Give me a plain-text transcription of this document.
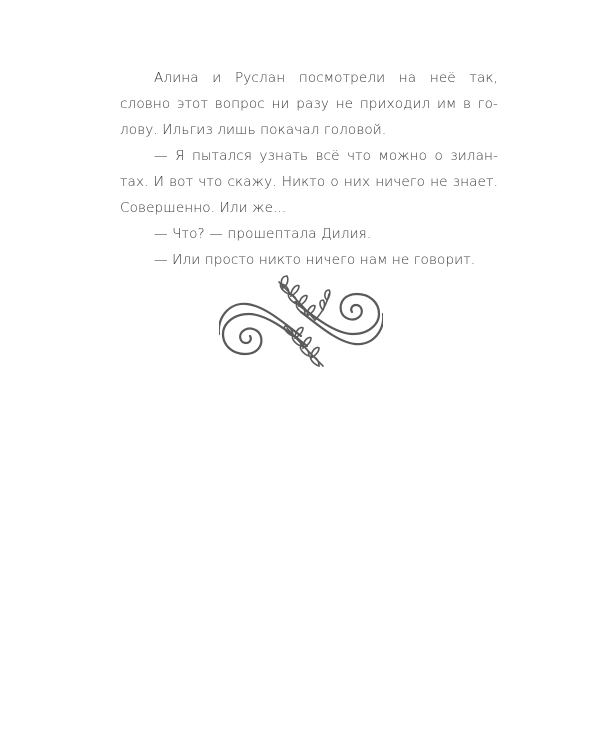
Алина и Руслан посмотрели на неё так,
словно этот вопрос ни разу не приходил им в го-
лову. Ильгиз лишь покачал головой.
— Я пытался узнать всё что можно о зилан-
тах. И вот что скажу. Никто о них ничего не знает.
Совершенно. Или же...
— Что? — прошептала Дилия.
— Или просто никто ничего нам не говорит.
